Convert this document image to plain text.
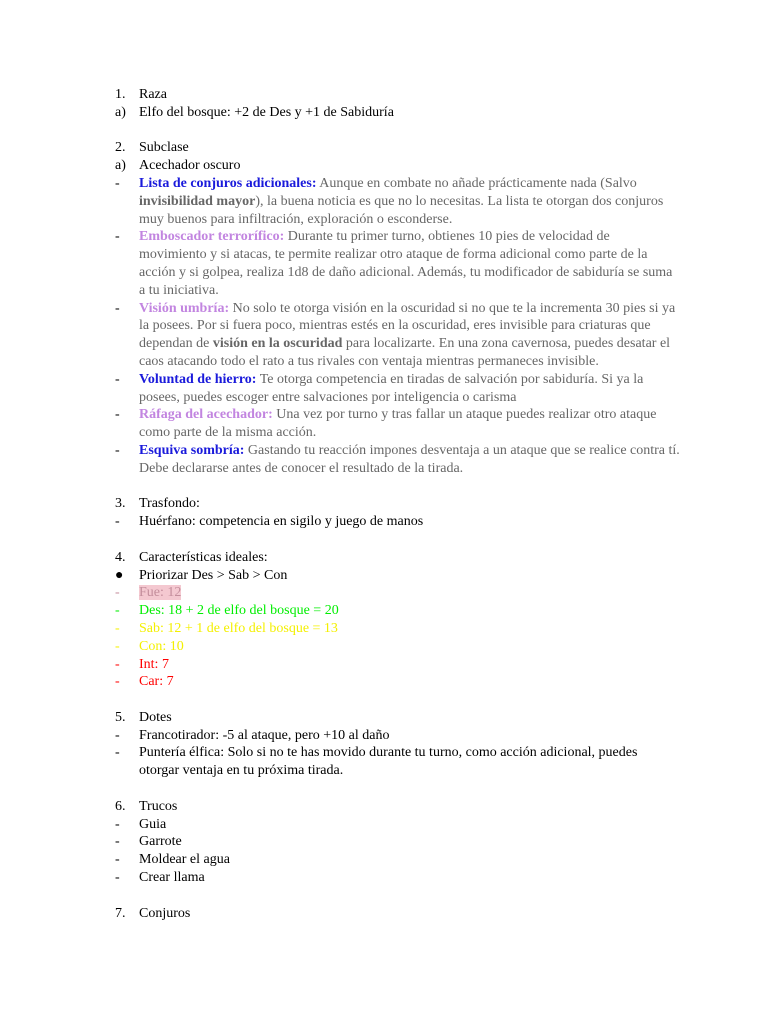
1. Raza
a) Elfo del bosque: +2 de Des y +1 de Sabiduría
2. Subclase
a) Acechador oscuro
-	Lista de conjuros adicionales: Aunque en combate no añade prácticamente nada (Salvo invisibilidad mayor), la buena noticia es que no lo necesitas. La lista te otorgan dos conjuros muy buenos para infiltración, exploración o esconderse.
-	Emboscador terrorífico: Durante tu primer turno, obtienes 10 pies de velocidad de movimiento y si atacas, te permite realizar otro ataque de forma adicional como parte de la acción y si golpea, realiza 1d8 de daño adicional. Además, tu modificador de sabiduría se suma a tu iniciativa.
-	Visión umbría: No solo te otorga visión en la oscuridad si no que te la incrementa 30 pies si ya la posees. Por si fuera poco, mientras estés en la oscuridad, eres invisible para criaturas que dependan de visión en la oscuridad para localizarte. En una zona cavernosa, puedes desatar el caos atacando todo el rato a tus rivales con ventaja mientras permaneces invisible.
-	Voluntad de hierro: Te otorga competencia en tiradas de salvación por sabiduría. Si ya la posees, puedes escoger entre salvaciones por inteligencia o carisma
-	Ráfaga del acechador: Una vez por turno y tras fallar un ataque puedes realizar otro ataque como parte de la misma acción.
-	Esquiva sombría: Gastando tu reacción impones desventaja a un ataque que se realice contra tí. Debe declararse antes de conocer el resultado de la tirada.
3. Trasfondo:
-	Huérfano: competencia en sigilo y juego de manos
4. Características ideales:
●	Priorizar Des > Sab > Con
-	Fue: 12
-	Des: 18 + 2 de elfo del bosque = 20
-	Sab: 12 + 1 de elfo del bosque = 13
-	Con: 10
-	Int: 7
-	Car: 7
5. Dotes
-	Francotirador: -5 al ataque, pero +10 al daño
-	Puntería élfica: Solo si no te has movido durante tu turno, como acción adicional, puedes otorgar ventaja en tu próxima tirada.
6. Trucos
-	Guia
-	Garrote
-	Moldear el agua
-	Crear llama
7. Conjuros
